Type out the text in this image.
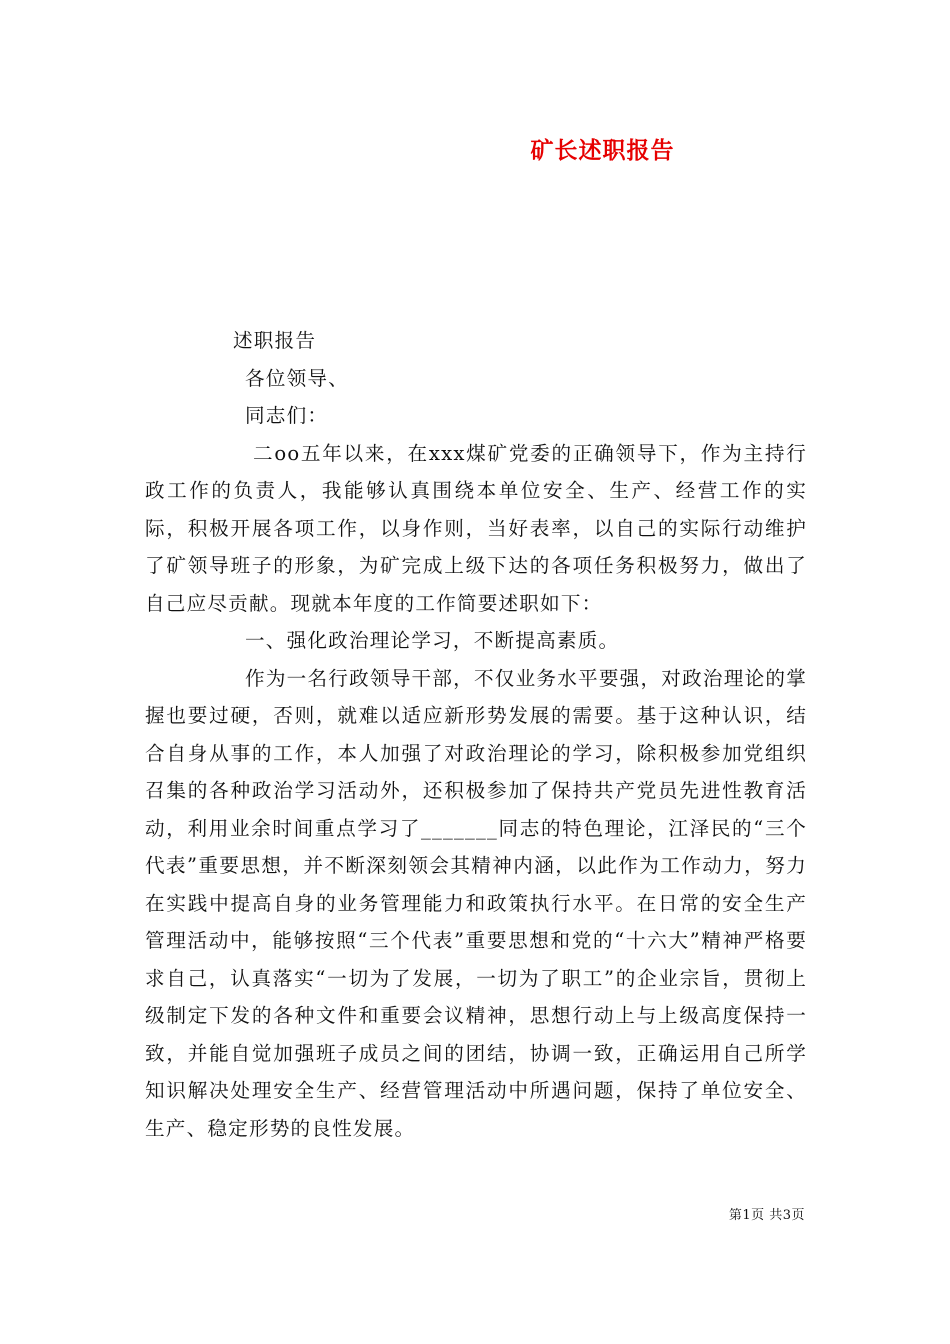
矿长述职报告

述职报告

各位领导、

同志们：

二oo五年以来，在xxx煤矿党委的正确领导下，作为主持行政工作的负责人，我能够认真围绕本单位安全、生产、经营工作的实际，积极开展各项工作，以身作则，当好表率，以自己的实际行动维护了矿领导班子的形象，为矿完成上级下达的各项任务积极努力，做出了自己应尽贡献。现就本年度的工作简要述职如下：

一、强化政治理论学习，不断提高素质。

作为一名行政领导干部，不仅业务水平要强，对政治理论的掌握也要过硬，否则，就难以适应新形势发展的需要。基于这种认识，结合自身从事的工作，本人加强了对政治理论的学习，除积极参加党组织召集的各种政治学习活动外，还积极参加了保持共产党员先进性教育活动，利用业余时间重点学习了_______同志的特色理论，江泽民的“三个代表”重要思想，并不断深刻领会其精神内涵，以此作为工作动力，努力在实践中提高自身的业务管理能力和政策执行水平。在日常的安全生产管理活动中，能够按照“三个代表”重要思想和党的“十六大”精神严格要求自己，认真落实“一切为了发展，一切为了职工”的企业宗旨，贯彻上级制定下发的各种文件和重要会议精神，思想行动上与上级高度保持一致，并能自觉加强班子成员之间的团结，协调一致，正确运用自己所学知识解决处理安全生产、经营管理活动中所遇问题，保持了单位安全、生产、稳定形势的良性发展。

第1页 共3页
